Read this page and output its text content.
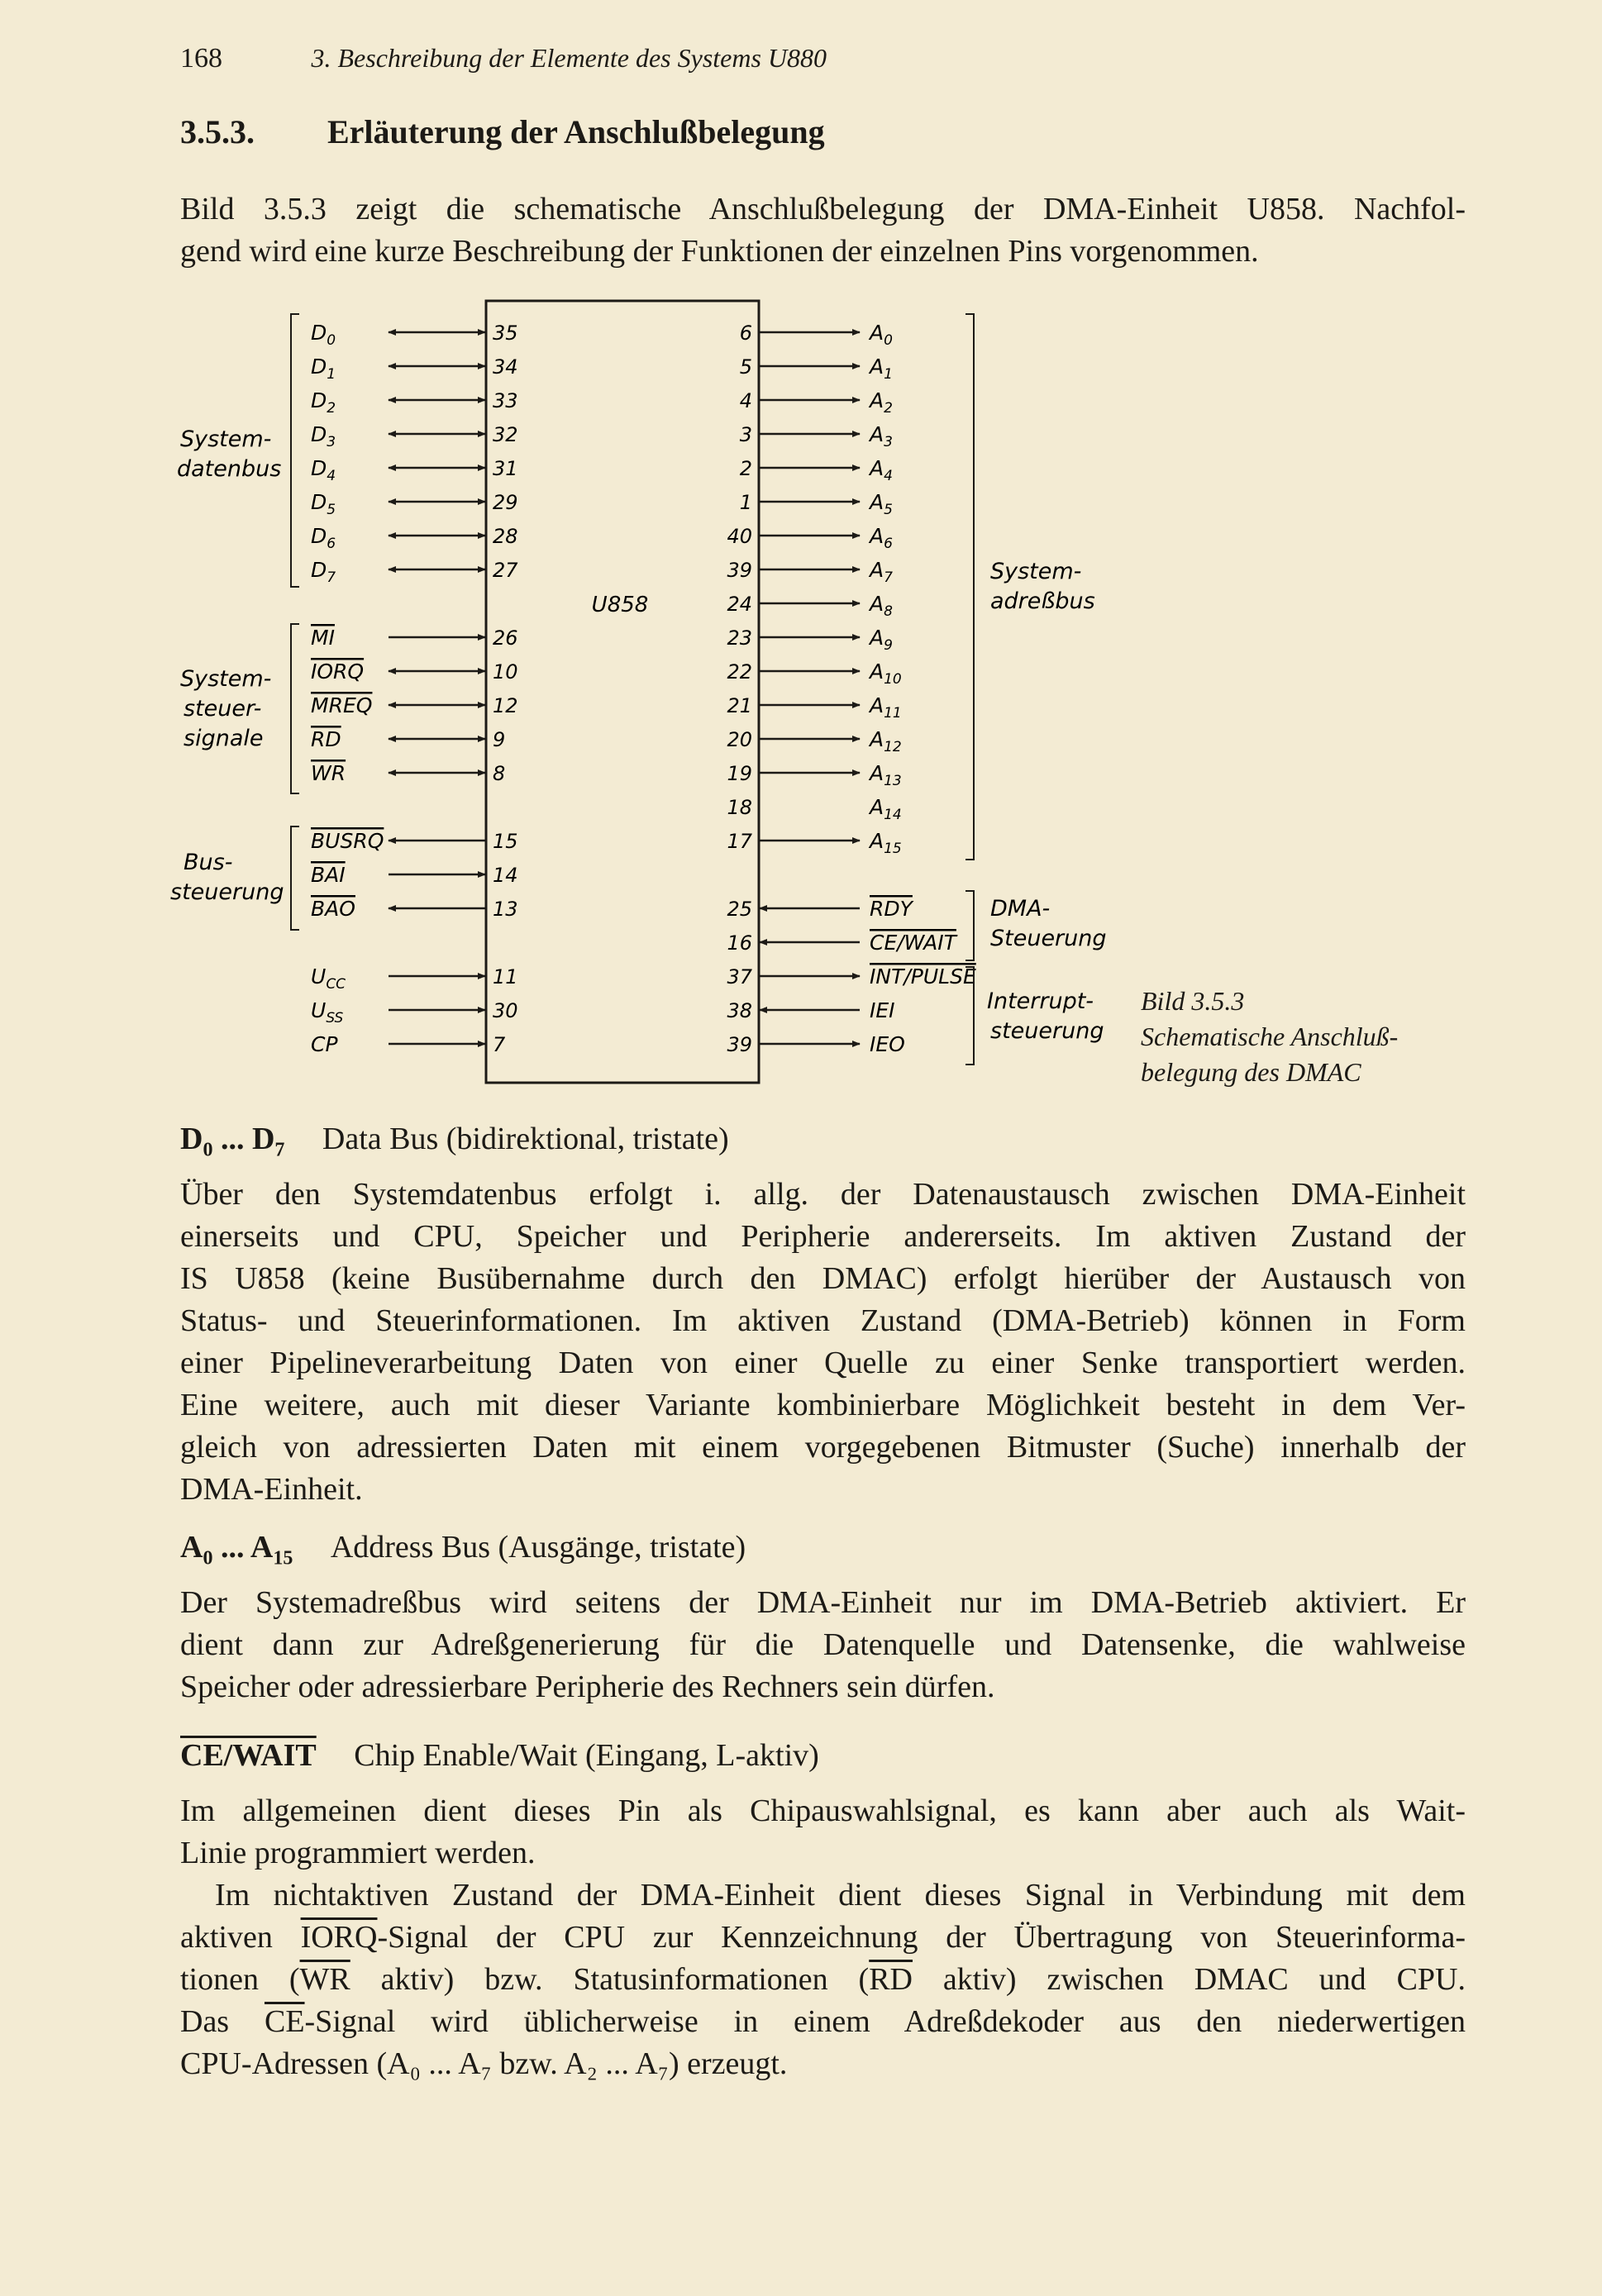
168	3. Beschreibung der Elemente des Systems U880
3.5.3. Erläuterung der Anschlußbelegung
Bild 3.5.3 zeigt die schematische Anschlußbelegung der DMA-Einheit U858. Nachfol-
gend wird eine kurze Beschreibung der Funktionen der einzelnen Pins vorgenommen.
U858
$D_0$	35
$D_1$	34
$D_2$	33
$D_3$	32
$D_4$	31
$D_5$	29
$D_6$	28
$D_7$	27
MI	26
IORQ	10
MREQ	12
RD	9
WR	8
BUSRQ	15
BAI	14
BAO	13
$U_{CC}$	11
$U_{SS}$	30
CP	7
6	$A_0$
5	$A_1$
4	$A_2$
3	$A_3$
2	$A_4$
1	$A_5$
40	$A_6$
39	$A_7$
24	$A_8$
23	$A_9$
22	$A_{10}$
21	$A_{11}$
20	$A_{12}$
19	$A_{13}$
18	$A_{14}$
17	$A_{15}$
25	RDY
16	CE/WAIT
37	INT/PULSE
38	IEI
39	IEO
System-
datenbus
System-
steuer-
signale
Bus-
steuerung
System-
adreßbus
DMA-
Steuerung
Interrupt-
steuerung
Bild 3.5.3
Schematische Anschluß-
belegung des DMAC
$D_0$ ... $D_7$ Data Bus (bidirektional, tristate)
Über den Systemdatenbus erfolgt i. allg. der Datenaustausch zwischen DMA-Einheit
einerseits und CPU, Speicher und Peripherie andererseits. Im aktiven Zustand der
IS U858 (keine Busübernahme durch den DMAC) erfolgt hierüber der Austausch von
Status- und Steuerinformationen. Im aktiven Zustand (DMA-Betrieb) können in Form
einer Pipelineverarbeitung Daten von einer Quelle zu einer Senke transportiert werden.
Eine weitere, auch mit dieser Variante kombinierbare Möglichkeit besteht in dem Ver-
gleich von adressierten Daten mit einem vorgegebenen Bitmuster (Suche) innerhalb der
DMA-Einheit.
$A_0$ ... $A_{15}$ Address Bus (Ausgänge, tristate)
Der Systemadreßbus wird seitens der DMA-Einheit nur im DMA-Betrieb aktiviert. Er
dient dann zur Adreßgenerierung für die Datenquelle und Datensenke, die wahlweise
Speicher oder adressierbare Peripherie des Rechners sein dürfen.
CE/WAIT Chip Enable/Wait (Eingang, L-aktiv)
Im allgemeinen dient dieses Pin als Chipauswahlsignal, es kann aber auch als Wait-
Linie programmiert werden.
Im nichtaktiven Zustand der DMA-Einheit dient dieses Signal in Verbindung mit dem
aktiven IORQ-Signal der CPU zur Kennzeichnung der Übertragung von Steuerinforma-
tionen ($\overline{WR}$ aktiv) bzw. Statusinformationen ($\overline{RD}$ aktiv) zwischen DMAC und CPU.
Das $\overline{CE}$-Signal wird üblicherweise in einem Adreßdekoder aus den niederwertigen
CPU-Adressen (A₀ ... A₇ bzw. A₂ ... A₇) erzeugt.
